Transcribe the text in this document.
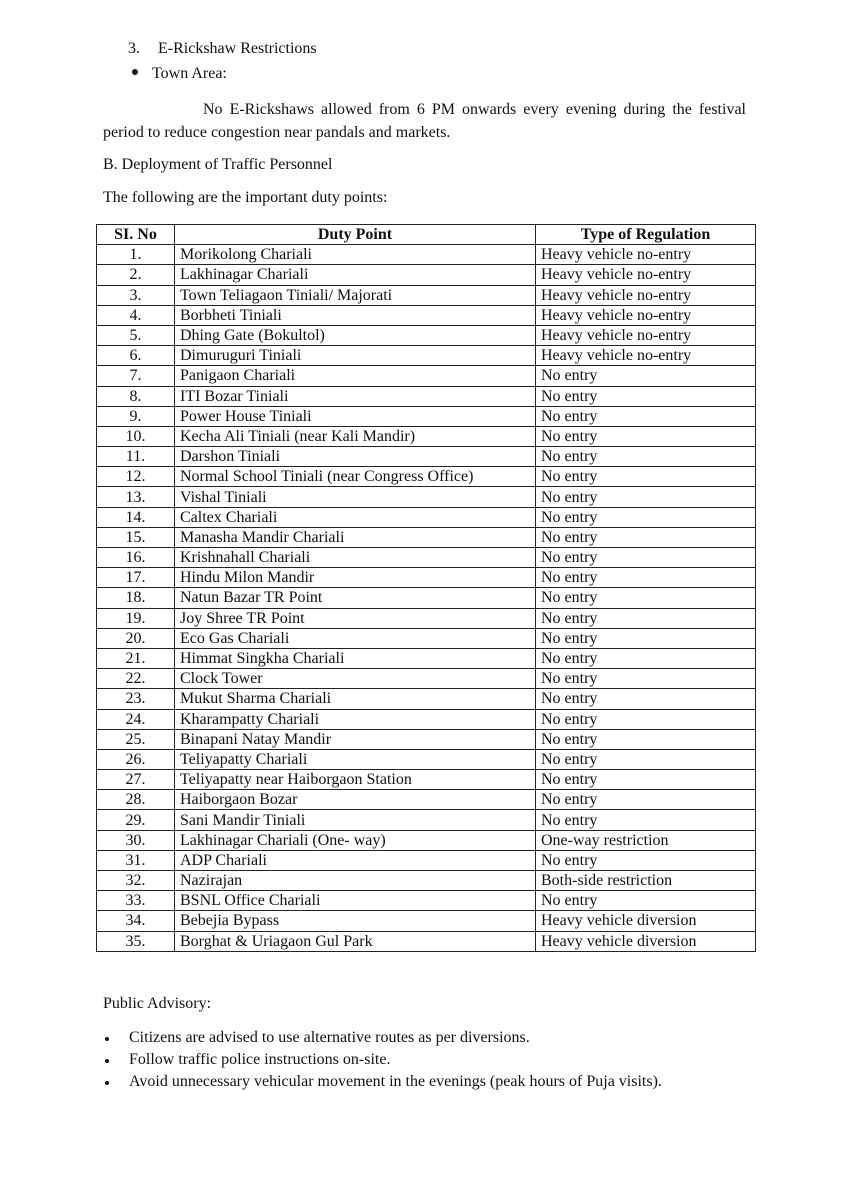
3. E-Rickshaw Restrictions
Town Area:
No E-Rickshaws allowed from 6 PM onwards every evening during the festival period to reduce congestion near pandals and markets.
B. Deployment of Traffic Personnel
The following are the important duty points:
SI. No	Duty Point	Type of Regulation
1.	Morikolong Chariali	Heavy vehicle no-entry
2.	Lakhinagar Chariali	Heavy vehicle no-entry
3.	Town Teliagaon Tiniali/ Majorati	Heavy vehicle no-entry
4.	Borbheti Tiniali	Heavy vehicle no-entry
5.	Dhing Gate (Bokultol)	Heavy vehicle no-entry
6.	Dimuruguri Tiniali	Heavy vehicle no-entry
7.	Panigaon Chariali	No entry
8.	ITI Bozar Tiniali	No entry
9.	Power House Tiniali	No entry
10.	Kecha Ali Tiniali (near Kali Mandir)	No entry
11.	Darshon Tiniali	No entry
12.	Normal School Tiniali (near Congress Office)	No entry
13.	Vishal Tiniali	No entry
14.	Caltex Chariali	No entry
15.	Manasha Mandir Chariali	No entry
16.	Krishnahall Chariali	No entry
17.	Hindu Milon Mandir	No entry
18.	Natun Bazar TR Point	No entry
19.	Joy Shree TR Point	No entry
20.	Eco Gas Chariali	No entry
21.	Himmat Singkha Chariali	No entry
22.	Clock Tower	No entry
23.	Mukut Sharma Chariali	No entry
24.	Kharampatty Chariali	No entry
25.	Binapani Natay Mandir	No entry
26.	Teliyapatty Chariali	No entry
27.	Teliyapatty near Haiborgaon Station	No entry
28.	Haiborgaon Bozar	No entry
29.	Sani Mandir Tiniali	No entry
30.	Lakhinagar Chariali (One- way)	One-way restriction
31.	ADP Chariali	No entry
32.	Nazirajan	Both-side restriction
33.	BSNL Office Chariali	No entry
34.	Bebejia Bypass	Heavy vehicle diversion
35.	Borghat & Uriagaon Gul Park	Heavy vehicle diversion
Public Advisory:
Citizens are advised to use alternative routes as per diversions.
Follow traffic police instructions on-site.
Avoid unnecessary vehicular movement in the evenings (peak hours of Puja visits).
